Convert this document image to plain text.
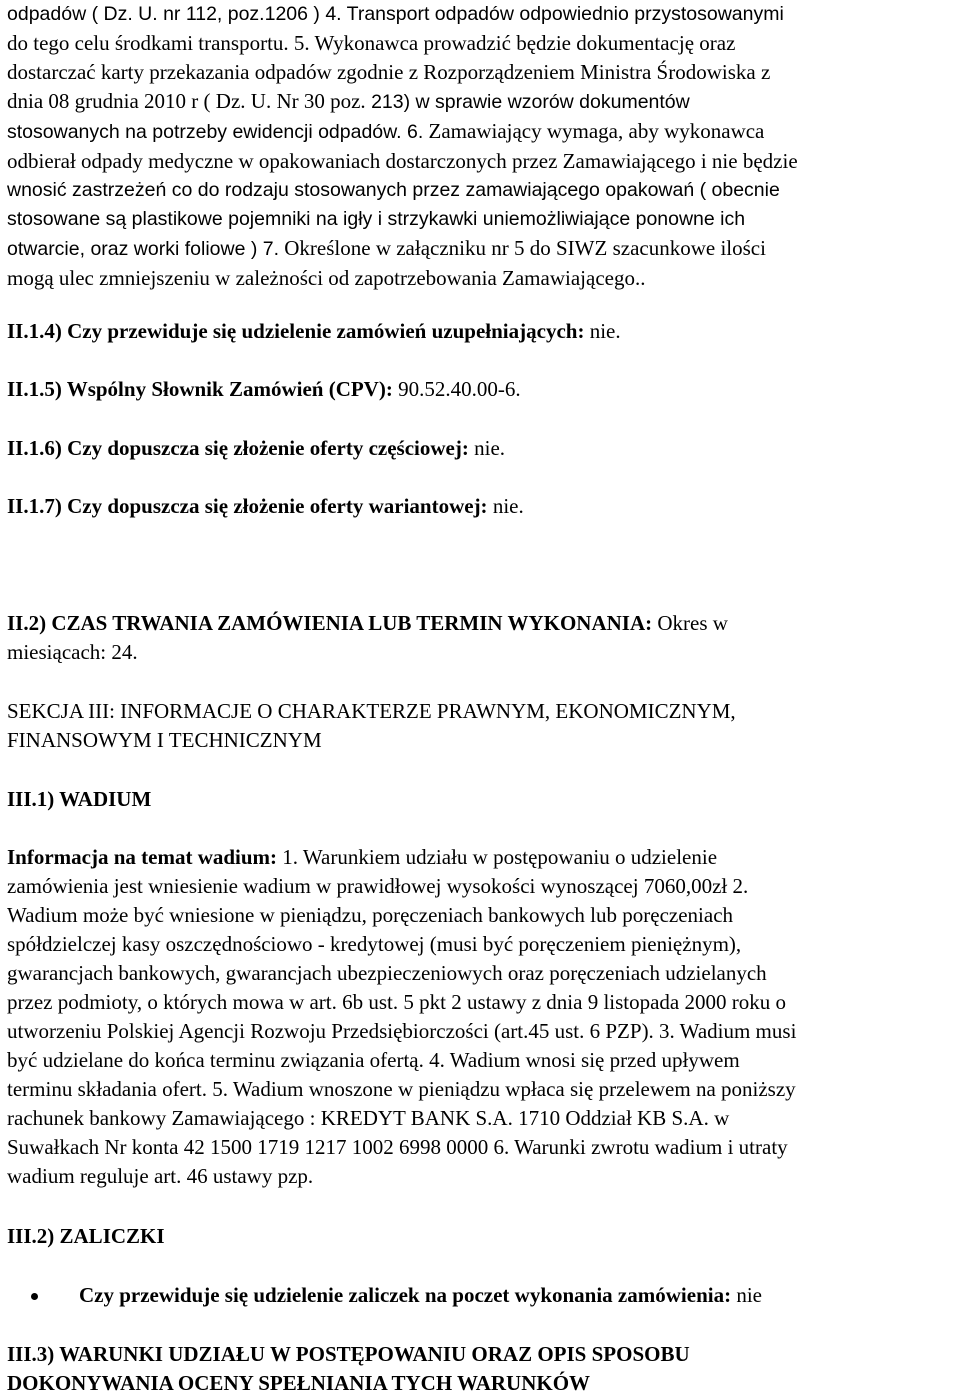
odpadów ( Dz. U. nr 112, poz.1206 ) 4. Transport odpadów odpowiednio przystosowanymi
do tego celu środkami transportu. 5. Wykonawca prowadzić będzie dokumentację oraz
dostarczać karty przekazania odpadów zgodnie z Rozporządzeniem Ministra Środowiska z
dnia 08 grudnia 2010 r ( Dz. U. Nr 30 poz. 213) w sprawie wzorów dokumentów
stosowanych na potrzeby ewidencji odpadów. 6. Zamawiający wymaga, aby wykonawca
odbierał odpady medyczne w opakowaniach dostarczonych przez Zamawiającego i nie będzie
wnosić zastrzeżeń co do rodzaju stosowanych przez zamawiającego opakowań ( obecnie
stosowane są plastikowe pojemniki na igły i strzykawki uniemożliwiające ponowne ich
otwarcie, oraz worki foliowe ) 7. Określone w załączniku nr 5 do SIWZ szacunkowe ilości
mogą ulec zmniejszeniu w zależności od zapotrzebowania Zamawiającego..
II.1.4) Czy przewiduje się udzielenie zamówień uzupełniających: nie.
II.1.5) Wspólny Słownik Zamówień (CPV): 90.52.40.00-6.
II.1.6) Czy dopuszcza się złożenie oferty częściowej: nie.
II.1.7) Czy dopuszcza się złożenie oferty wariantowej: nie.
II.2) CZAS TRWANIA ZAMÓWIENIA LUB TERMIN WYKONANIA: Okres w
miesiącach: 24.
SEKCJA III: INFORMACJE O CHARAKTERZE PRAWNYM, EKONOMICZNYM,
FINANSOWYM I TECHNICZNYM
III.1) WADIUM
Informacja na temat wadium: 1. Warunkiem udziału w postępowaniu o udzielenie
zamówienia jest wniesienie wadium w prawidłowej wysokości wynoszącej 7060,00zł 2.
Wadium może być wniesione w pieniądzu, poręczeniach bankowych lub poręczeniach
spółdzielczej kasy oszczędnościowo - kredytowej (musi być poręczeniem pieniężnym),
gwarancjach bankowych, gwarancjach ubezpieczeniowych oraz poręczeniach udzielanych
przez podmioty, o których mowa w art. 6b ust. 5 pkt 2 ustawy z dnia 9 listopada 2000 roku o
utworzeniu Polskiej Agencji Rozwoju Przedsiębiorczości (art.45 ust. 6 PZP). 3. Wadium musi
być udzielane do końca terminu związania ofertą. 4. Wadium wnosi się przed upływem
terminu składania ofert. 5. Wadium wnoszone w pieniądzu wpłaca się przelewem na poniższy
rachunek bankowy Zamawiającego : KREDYT BANK S.A. 1710 Oddział KB S.A. w
Suwałkach Nr konta 42 1500 1719 1217 1002 6998 0000 6. Warunki zwrotu wadium i utraty
wadium reguluje art. 46 ustawy pzp.
III.2) ZALICZKI
Czy przewiduje się udzielenie zaliczek na poczet wykonania zamówienia: nie
III.3) WARUNKI UDZIAŁU W POSTĘPOWANIU ORAZ OPIS SPOSOBU
DOKONYWANIA OCENY SPEŁNIANIA TYCH WARUNKÓW
